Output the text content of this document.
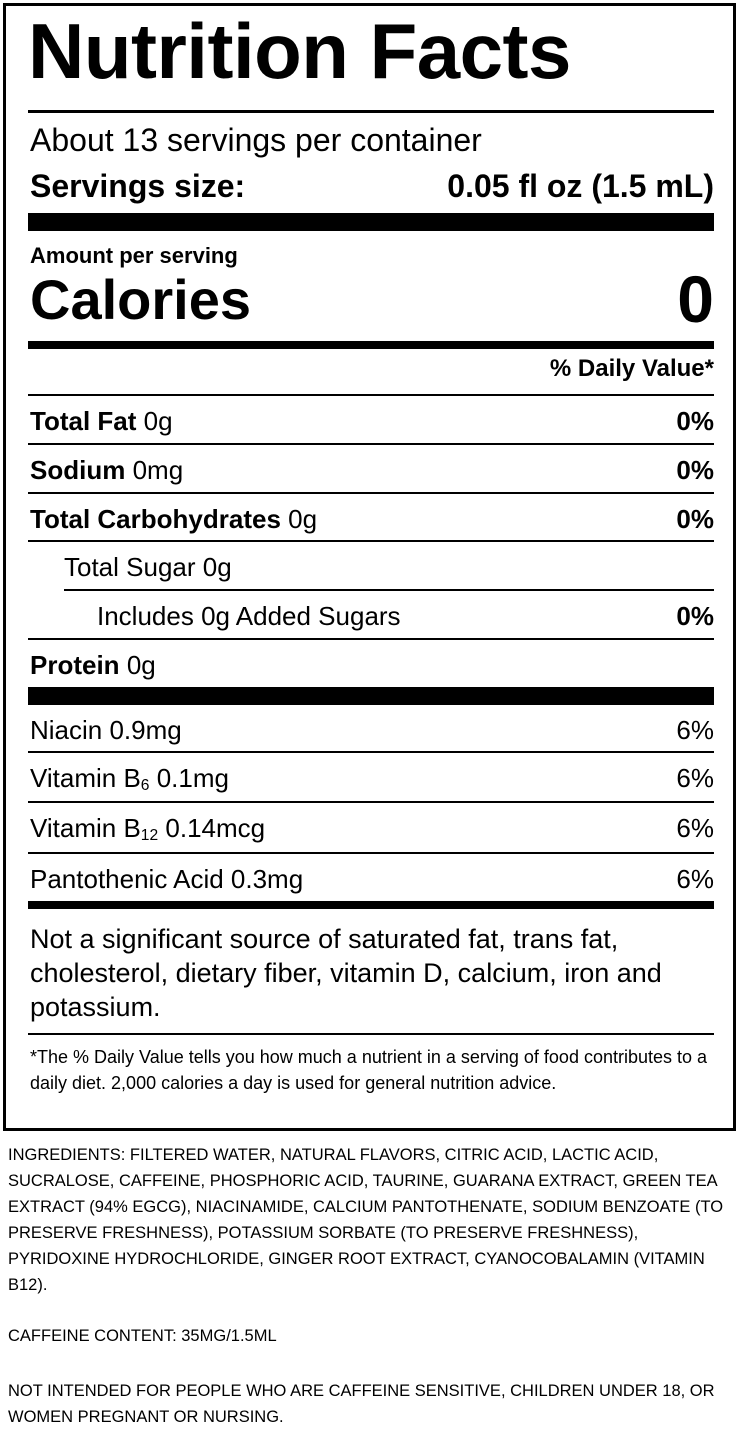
Nutrition Facts
About 13 servings per container
Servings size:	0.05 fl oz (1.5 mL)
Amount per serving
Calories	0
% Daily Value*
Total Fat 0g	0%
Sodium 0mg	0%
Total Carbohydrates 0g	0%
Total Sugar 0g
Includes 0g Added Sugars	0%
Protein 0g
Niacin 0.9mg	6%
Vitamin $B_6$ 0.1mg	6%
Vitamin $B_{12}$ 0.14mcg	6%
Pantothenic Acid 0.3mg	6%
Not a significant source of saturated fat, trans fat, cholesterol, dietary fiber, vitamin D, calcium, iron and potassium.
*The % Daily Value tells you how much a nutrient in a serving of food contributes to a daily diet. 2,000 calories a day is used for general nutrition advice.
INGREDIENTS: FILTERED WATER, NATURAL FLAVORS, CITRIC ACID, LACTIC ACID, SUCRALOSE, CAFFEINE, PHOSPHORIC ACID, TAURINE, GUARANA EXTRACT, GREEN TEA EXTRACT (94% EGCG), NIACINAMIDE, CALCIUM PANTOTHENATE, SODIUM BENZOATE (TO PRESERVE FRESHNESS), POTASSIUM SORBATE (TO PRESERVE FRESHNESS), PYRIDOXINE HYDROCHLORIDE, GINGER ROOT EXTRACT, CYANOCOBALAMIN (VITAMIN B12).
CAFFEINE CONTENT: 35MG/1.5ML
NOT INTENDED FOR PEOPLE WHO ARE CAFFEINE SENSITIVE, CHILDREN UNDER 18, OR WOMEN PREGNANT OR NURSING.
